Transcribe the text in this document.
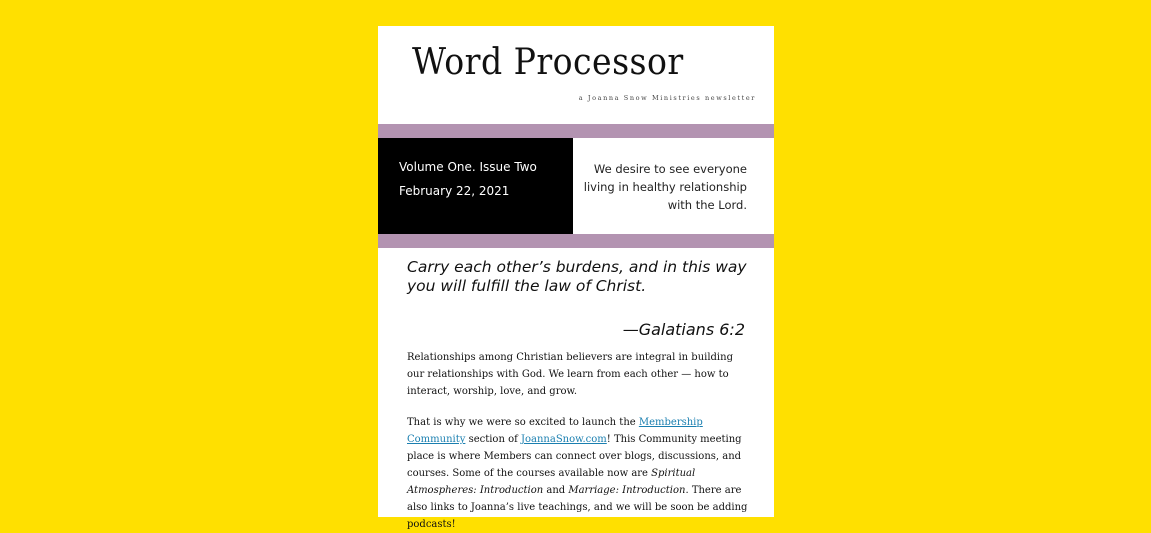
Word Processor
a Joanna Snow Ministries newsletter
Volume One. Issue Two
February 22, 2021
We desire to see everyone living in healthy relationship with the Lord.
Carry each other’s burdens, and in this way you will fulfill the law of Christ.
—Galatians 6:2
Relationships among Christian believers are integral in building our relationships with God. We learn from each other — how to interact, worship, love, and grow.
That is why we were so excited to launch the Membership Community section of JoannaSnow.com! This Community meeting place is where Members can connect over blogs, discussions, and courses. Some of the courses available now are Spiritual Atmospheres: Introduction and Marriage: Introduction. There are also links to Joanna’s live teachings, and we will be soon be adding podcasts!
